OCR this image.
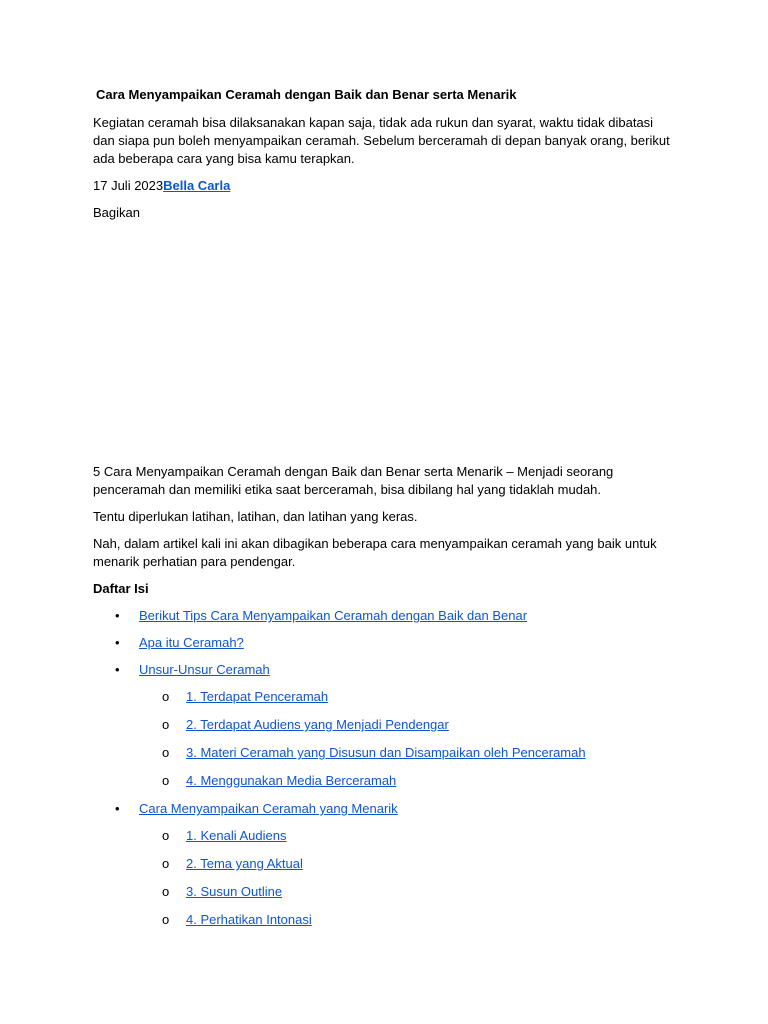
Cara Menyampaikan Ceramah dengan Baik dan Benar serta Menarik

Kegiatan ceramah bisa dilaksanakan kapan saja, tidak ada rukun dan syarat, waktu tidak dibatasi dan siapa pun boleh menyampaikan ceramah. Sebelum berceramah di depan banyak orang, berikut ada beberapa cara yang bisa kamu terapkan.

17 Juli 2023Bella Carla

Bagikan

5 Cara Menyampaikan Ceramah dengan Baik dan Benar serta Menarik – Menjadi seorang penceramah dan memiliki etika saat berceramah, bisa dibilang hal yang tidaklah mudah.

Tentu diperlukan latihan, latihan, dan latihan yang keras.

Nah, dalam artikel kali ini akan dibagikan beberapa cara menyampaikan ceramah yang baik untuk menarik perhatian para pendengar.

Daftar Isi
• Berikut Tips Cara Menyampaikan Ceramah dengan Baik dan Benar
• Apa itu Ceramah?
• Unsur-Unsur Ceramah
o 1. Terdapat Penceramah
o 2. Terdapat Audiens yang Menjadi Pendengar
o 3. Materi Ceramah yang Disusun dan Disampaikan oleh Penceramah
o 4. Menggunakan Media Berceramah
• Cara Menyampaikan Ceramah yang Menarik
o 1. Kenali Audiens
o 2. Tema yang Aktual
o 3. Susun Outline
o 4. Perhatikan Intonasi
